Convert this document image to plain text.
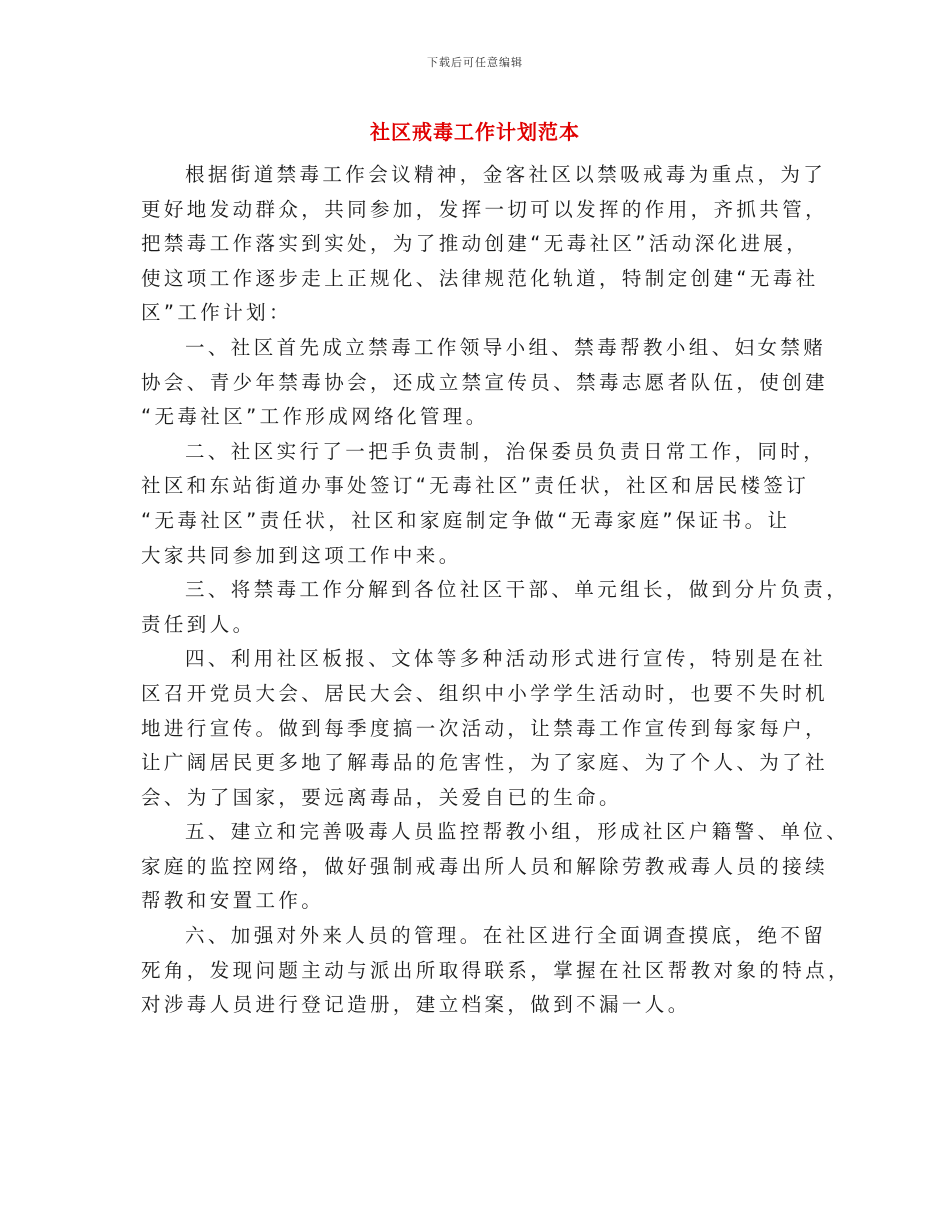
下载后可任意编辑
社区戒毒工作计划范本
根据街道禁毒工作会议精神，金客社区以禁吸戒毒为重点，为了
更好地发动群众，共同参加，发挥一切可以发挥的作用，齐抓共管，
把禁毒工作落实到实处，为了推动创建“无毒社区”活动深化进展，
使这项工作逐步走上正规化、法律规范化轨道，特制定创建“无毒社
区”工作计划：
一、社区首先成立禁毒工作领导小组、禁毒帮教小组、妇女禁赌
协会、青少年禁毒协会，还成立禁宣传员、禁毒志愿者队伍，使创建
“无毒社区”工作形成网络化管理。
二、社区实行了一把手负责制，治保委员负责日常工作，同时，
社区和东站街道办事处签订“无毒社区”责任状，社区和居民楼签订
“无毒社区”责任状，社区和家庭制定争做“无毒家庭”保证书。让
大家共同参加到这项工作中来。
三、将禁毒工作分解到各位社区干部、单元组长，做到分片负责，
责任到人。
四、利用社区板报、文体等多种活动形式进行宣传，特别是在社
区召开党员大会、居民大会、组织中小学学生活动时，也要不失时机
地进行宣传。做到每季度搞一次活动，让禁毒工作宣传到每家每户，
让广阔居民更多地了解毒品的危害性，为了家庭、为了个人、为了社
会、为了国家，要远离毒品，关爱自已的生命。
五、建立和完善吸毒人员监控帮教小组，形成社区户籍警、单位、
家庭的监控网络，做好强制戒毒出所人员和解除劳教戒毒人员的接续
帮教和安置工作。
六、加强对外来人员的管理。在社区进行全面调查摸底，绝不留
死角，发现问题主动与派出所取得联系，掌握在社区帮教对象的特点，
对涉毒人员进行登记造册，建立档案，做到不漏一人。
